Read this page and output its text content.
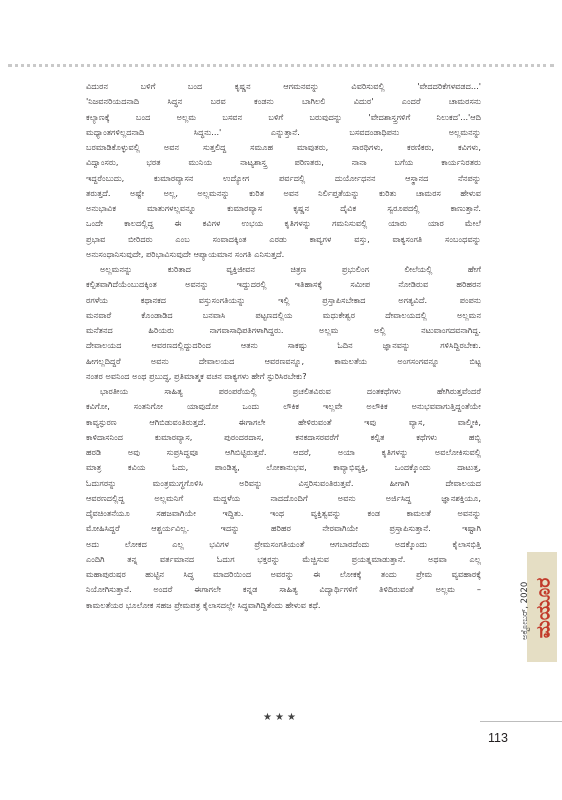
ವಿದುರನ ಬಳಿಗೆ ಬಂದ ಕೃಷ್ಣನ ಆಗಮನವನ್ನು ವಿವರಿಸುವಲ್ಲಿ 'ವೇದದರಿಕೆಗಳವಡದ...'
'ನಿಜವನರಿಯದನಾದಿ ಸಿದ್ಧನ ಬರವ ಕಂಡನು ಬಾಗಿಲಲಿ ವಿದುರ' ಎಂದರೆ ಚಾಮರಸನು
ಕಲ್ಯಾಣಕ್ಕೆ ಬಂದ ಅಲ್ಲಮ ಬಸವನ ಬಳಿಗೆ ಬರುವುದನ್ನು 'ವೇದಶಾಸ್ತ್ರಗಳಿಗೆ ನಿಲುಕದ'...'ಆದಿ
ಮಧ್ಯಾಂತಗಳಿಲ್ಲದನಾದಿ ಸಿದ್ಧನು...' ಎನ್ನುತ್ತಾನೆ. ಬಸವದಂಡಾಧಿಪನು ಅಲ್ಲಮನನ್ನು
ಬರಮಾಡಿಕೊಳ್ಳುವಲ್ಲಿ ಅವನ ಸುತ್ತಲಿದ್ದ ಸಮೂಹ ಮಾವುತರು, ಸಾರಥಿಗಳು, ಕರಣಿಕರು, ಕವಿಗಳು,
ವಿದ್ವಾಂಸರು, ಭರತ ಮುನಿಯ ನಾಟ್ಯಶಾಸ್ತ್ರ ಪರಿಣತರು, ನಾನಾ ಬಗೆಯ ಕಾರ್ಯನಿರತರು
ಇದ್ದರೆಂಬುದು, ಕುಮಾರವ್ಯಾಸನ ಉದ್ಯೋಗ ಪರ್ವದಲ್ಲಿ ದುರ್ಯೋಧನನ ಆಸ್ಥಾನದ ನೆನಪನ್ನು
ತರುತ್ತದೆ. ಅಷ್ಟೇ ಅಲ್ಲ, ಅಲ್ಲಮನನ್ನು ಕುರಿತ ಅವನ ನಿರ್ಲಿಪ್ತತೆಯನ್ನು ಕುರಿತು ಚಾಮರಸ ಹೇಳುವ
ಅನುಭಾವಿಕ ಮಾತುಗಳಲ್ಲವನ್ನೂ ಕುಮಾರವ್ಯಾಸ ಕೃಷ್ಣನ ದೈವಿಕ ಸ್ವರೂಪದಲ್ಲಿ ಕಾಣುತ್ತಾನೆ.
ಒಂದೇ ಕಾಲದಲ್ಲಿದ್ದ ಈ ಕವಿಗಳ ಉಭಯ ಕೃತಿಗಳನ್ನು ಗಮನಿಸುವಲ್ಲಿ ಯಾರು ಯಾರ ಮೇಲೆ
ಪ್ರಭಾವ ಬೀರಿದರು ಎಂಬ ಸಂವಾದಕ್ಕಿಂತ ಎರಡು ಕಾವ್ಯಗಳ ವಸ್ತು, ವಾಕ್ಯಸಂಗತಿ ಸಂಬಂಧವನ್ನು
ಅನುಸಂಧಾನಿಸುವುದೇ, ಪರಿಭಾವಿಸುವುದೇ ಆಪ್ಯಾಯಮಾನ ಸಂಗತಿ ಎನಿಸುತ್ತದೆ.
ಅಲ್ಲಮನನ್ನು ಕುರಿತಾದ ವ್ಯಕ್ತಿಜೀವನ ಚಿತ್ರಣ ಪ್ರಭುಲಿಂಗ ಲೀಲೆಯಲ್ಲಿ ಹೇಗೆ
ಕಲ್ಪಿತವಾಗಿದೆಯೆಂಬುದಕ್ಕಿಂತ ಅವನನ್ನು ಇದ್ದುದರಲ್ಲಿ ಇತಿಹಾಸಕ್ಕೆ ಸಮೀಪ ನೋಡಿರುವ ಹರಿಹರನ
ರಗಳೆಯ ಕಥಾನಕದ ವಸ್ತುಸಂಗತಿಯನ್ನು ಇಲ್ಲಿ ಪ್ರಸ್ತಾಪಿಸಬೇಕಾದ ಅಗತ್ಯವಿದೆ. ಪಂಪನು
ಮನವಾರೆ ಕೊಂಡಾಡಿದ ಬನವಾಸಿ ಪಟ್ಟಣದಲ್ಲಿಯ ಮಧುಕೇಶ್ವರ ದೇವಾಲಯದಲ್ಲಿ ಅಲ್ಲಮನ
ಮನೆತನದ ಹಿರಿಯರು ನಾಗವಾಸಾಧಿಪತಿಗಳಾಗಿದ್ದರು. ಅಲ್ಲಮ ಅಲ್ಲಿ ನಟುವಾಂಗದವನಾಗಿದ್ದ.
ದೇವಾಲಯದ ಆವರಣದಲ್ಲಿದ್ದುದರಿಂದ ಆತನು ಸಾಕಷ್ಟು ಓದಿನ ಜ್ಞಾನವನ್ನು ಗಳಿಸಿದ್ದಿರಬೇಕು.
ಹೀಗಲ್ಲದಿದ್ದರೆ ಅವನು ದೇವಾಲಯದ ಆವರಣವನ್ನೂ, ಕಾಮಲತೆಯ ಅಂಗಸಂಗವನ್ನೂ ಬಿಟ್ಟ
ನಂತರ ಅವನಿಂದ ಅಂಥ ಪ್ರಬುದ್ಧ, ಪ್ರತಿಮಾತ್ಮಕ ವಚನ ವಾಕ್ಯಗಳು ಹೇಗೆ ಸ್ಫುರಿಸಿರಬೇಕು?
ಭಾರತೀಯ ಸಾಹಿತ್ಯ ಪರಂಪರೆಯಲ್ಲಿ ಪ್ರಚಲಿತವಿರುವ ದಂತಕಥೆಗಳು ಹೇಗಿರುತ್ತವೆಂದರೆ
ಕವಿಗೋ, ಸಂತನಿಗೋ ಯಾವುದೋ ಒಂದು ಲೌಕಿಕ ಇಲ್ಲವೇ ಅಲೌಕಿಕ ಅನುಭವವಾಗುತ್ತಿದ್ದಂತೆಯೇ
ಕಾವ್ಯಸ್ಫುರಣ ಆಗಿಬಿಡುವಂತಿರುತ್ತದೆ. ಈಗಾಗಲೇ ಹೇಳಿರುವಂತೆ ಇವು ವ್ಯಾಸ, ವಾಲ್ಮೀಕಿ,
ಕಾಳಿದಾಸನಿಂದ ಕುಮಾರವ್ಯಾಸ, ಪುರಂದರದಾಸ, ಕನಕದಾಸರವರೆಗೆ ಕಲ್ಪಿತ ಕಥೆಗಳು ಹಬ್ಬಿ
ಹರಡಿ ಅವು ಸುಪ್ರಸಿದ್ಧವೂ ಆಗಿಬಿಟ್ಟಿರುತ್ತವೆ. ಆದರೆ, ಅಯಾ ಕೃತಿಗಳನ್ನು ಅವಲೋಕಿಸುವಲ್ಲಿ
ಮಾತ್ರ ಕವಿಯ ಓದು, ಪಾಂಡಿತ್ಯ, ಲೋಕಾನುಭವ, ಕಾವ್ಯಾಭಿವ್ಯಕ್ತಿ, ಒಂದಕ್ಕೊಂದು ದಾಟುತ್ತ,
ಓದುಗರನ್ನು ಮಂತ್ರಮುಗ್ಧಗೊಳಿಸಿ ಅರಿವನ್ನು ವಿಸ್ತರಿಸುವಂತಿರುತ್ತವೆ. ಹೀಗಾಗಿ ದೇವಾಲಯದ
ಆವರಣದಲ್ಲಿದ್ದ ಅಲ್ಲಮನಿಗೆ ಮದ್ದಳೆಯ ನಾದದೊಂದಿಗೆ ಅವನು ಅರ್ಜಿಸಿದ್ದ ಜ್ಞಾನಶಕ್ತಿಯೂ,
ದೈವಚಿಂತನೆಯೂ ಸಹಜವಾಗಿಯೇ ಇದ್ದಿತು. ಇಂಥ ವ್ಯಕ್ತಿತ್ವವನ್ನು ಕಂಡ ಕಾಮಲತೆ ಅವನನ್ನು
ಮೋಹಿಸಿದ್ದರೆ ಆಶ್ಚರ್ಯವಿಲ್ಲ. ಇದನ್ನು ಹರಿಹರ ನೇರವಾಗಿಯೇ ಪ್ರಸ್ತಾಪಿಸುತ್ತಾನೆ. ಇಷ್ಟಾಗಿ
ಅದು ಲೋಕದ ಎಲ್ಲ ಭವಿಗಳ ಪ್ರೇಮಸಂಗತಿಯಂತೆ ಆಗಬಾರದೆಂದು ಅದಕ್ಕೊಂದು ಕೈಲಾಸಭಿತ್ತಿ
ಎಂದಿಗಿ ತನ್ನ ವರ್ತಮಾನದ ಓದುಗ ಭಕ್ತರನ್ನು ಮೆಚ್ಚಿಸುವ ಪ್ರಯತ್ನಮಾಡುತ್ತಾನೆ. ಅಥವಾ ಎಲ್ಲ
ಮಹಾಪುರುಷರ ಹುಟ್ಟಿನ ಸಿದ್ಧ ಮಾದರಿಯಿಂದ ಅವರನ್ನು ಈ ಲೋಕಕ್ಕೆ ತಂದು ಪ್ರೇಮ ವ್ಯವಹಾರಕ್ಕೆ
ನಿಯೋಗಿಸುತ್ತಾನೆ. ಅಂದರೆ ಈಗಾಗಲೇ ಕನ್ನಡ ಸಾಹಿತ್ಯ ವಿದ್ಯಾರ್ಥಿಗಳಿಗೆ ತಿಳಿದಿರುವಂತೆ ಅಲ್ಲಮ –
ಕಾಮಲತೆಯರ ಭೂಲೋಕ ಸಹಜ ಪ್ರೇಮಪತ್ರ ಕೈಲಾಸದಲ್ಲೇ ಸಿದ್ಧವಾಗಿದ್ದಿತೆಂದು ಹೇಳುವ ಕಥೆ.
★★★
ಮಯೂರ
ಅಕ್ಟೋಬರ್, 2020
113
